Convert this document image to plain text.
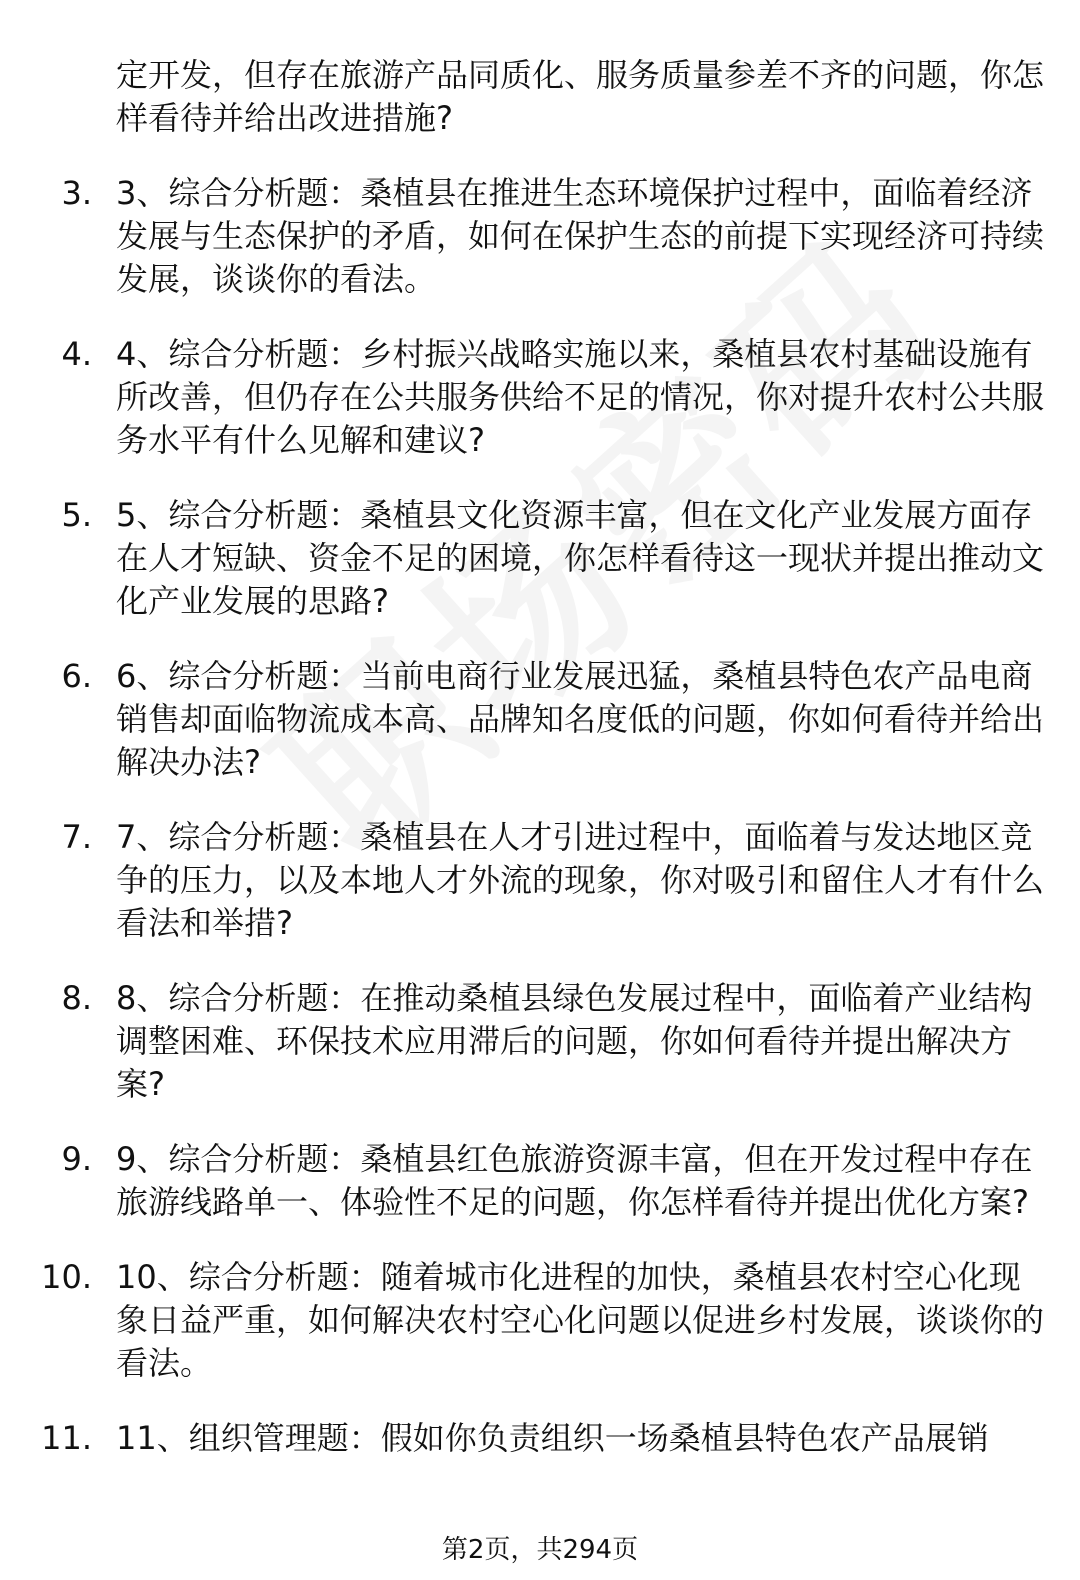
定开发，但存在旅游产品同质化、服务质量参差不齐的问题，你怎样看待并给出改进措施?
3. 3、综合分析题：桑植县在推进生态环境保护过程中，面临着经济发展与生态保护的矛盾，如何在保护生态的前提下实现经济可持续发展，谈谈你的看法。
4. 4、综合分析题：乡村振兴战略实施以来，桑植县农村基础设施有所改善，但仍存在公共服务供给不足的情况，你对提升农村公共服务水平有什么见解和建议?
5. 5、综合分析题：桑植县文化资源丰富，但在文化产业发展方面存在人才短缺、资金不足的困境，你怎样看待这一现状并提出推动文化产业发展的思路?
6. 6、综合分析题：当前电商行业发展迅猛，桑植县特色农产品电商销售却面临物流成本高、品牌知名度低的问题，你如何看待并给出解决办法?
7. 7、综合分析题：桑植县在人才引进过程中，面临着与发达地区竞争的压力，以及本地人才外流的现象，你对吸引和留住人才有什么看法和举措?
8. 8、综合分析题：在推动桑植县绿色发展过程中，面临着产业结构调整困难、环保技术应用滞后的问题，你如何看待并提出解决方案?
9. 9、综合分析题：桑植县红色旅游资源丰富，但在开发过程中存在旅游线路单一、体验性不足的问题，你怎样看待并提出优化方案?
10. 10、综合分析题：随着城市化进程的加快，桑植县农村空心化现象日益严重，如何解决农村空心化问题以促进乡村发展，谈谈你的看法。
11. 11、组织管理题：假如你负责组织一场桑植县特色农产品展销
第2页，共294页
